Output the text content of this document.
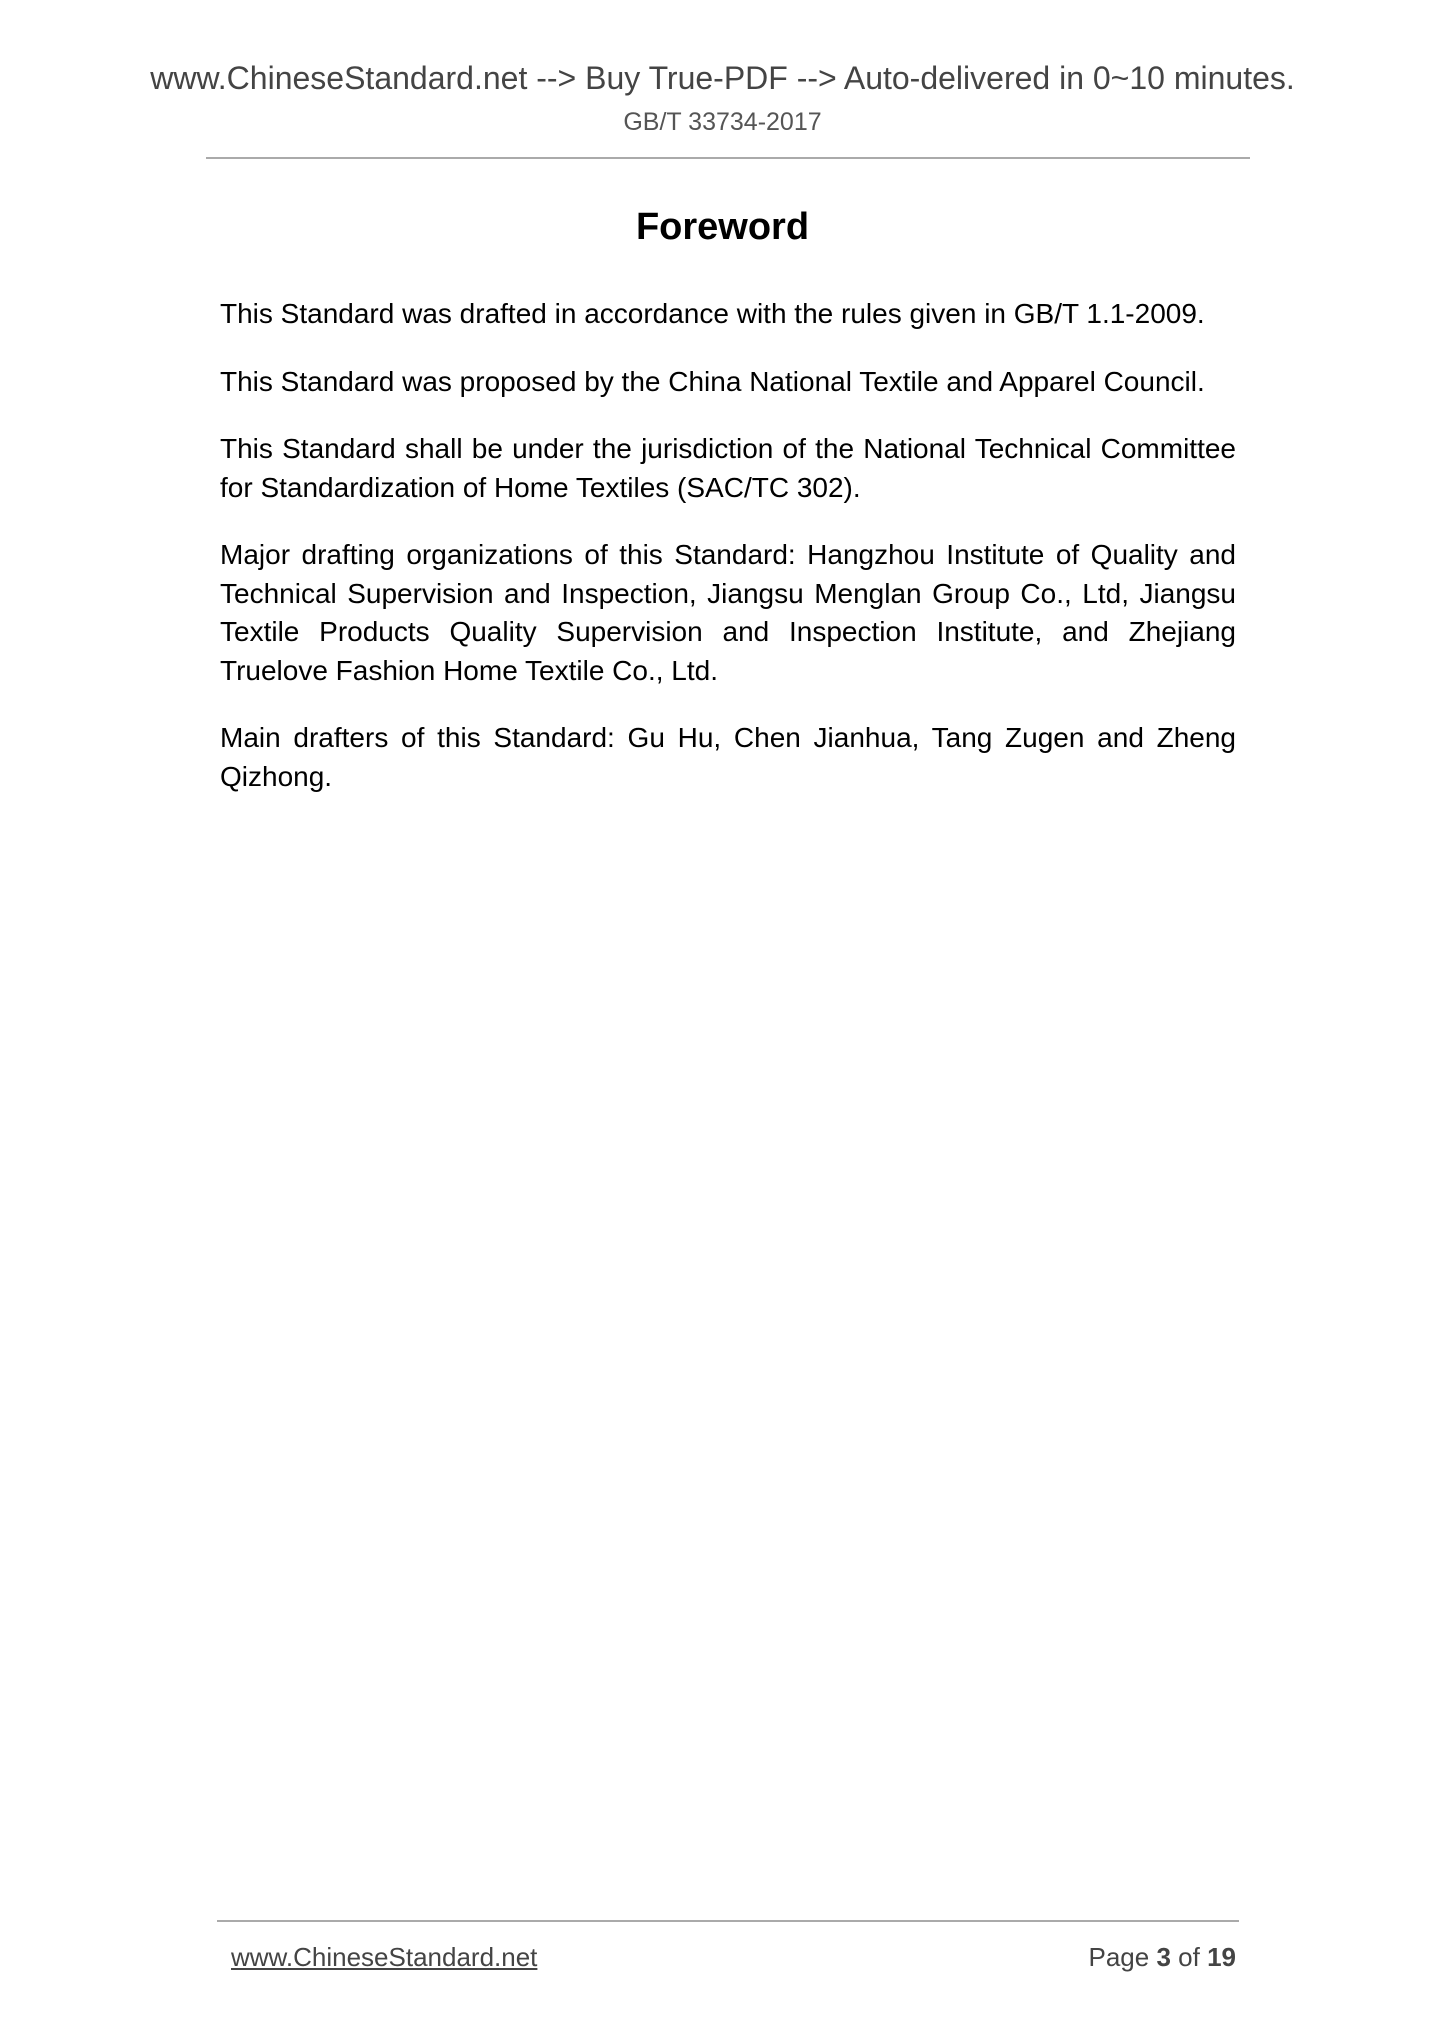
www.ChineseStandard.net --> Buy True-PDF --> Auto-delivered in 0~10 minutes.
GB/T 33734-2017
Foreword

This Standard was drafted in accordance with the rules given in GB/T 1.1-2009.

This Standard was proposed by the China National Textile and Apparel Council.

This Standard shall be under the jurisdiction of the National Technical Committee for Standardization of Home Textiles (SAC/TC 302).

Major drafting organizations of this Standard: Hangzhou Institute of Quality and Technical Supervision and Inspection, Jiangsu Menglan Group Co., Ltd, Jiangsu Textile Products Quality Supervision and Inspection Institute, and Zhejiang Truelove Fashion Home Textile Co., Ltd.

Main drafters of this Standard: Gu Hu, Chen Jianhua, Tang Zugen and Zheng Qizhong.

www.ChineseStandard.net	Page 3 of 19
